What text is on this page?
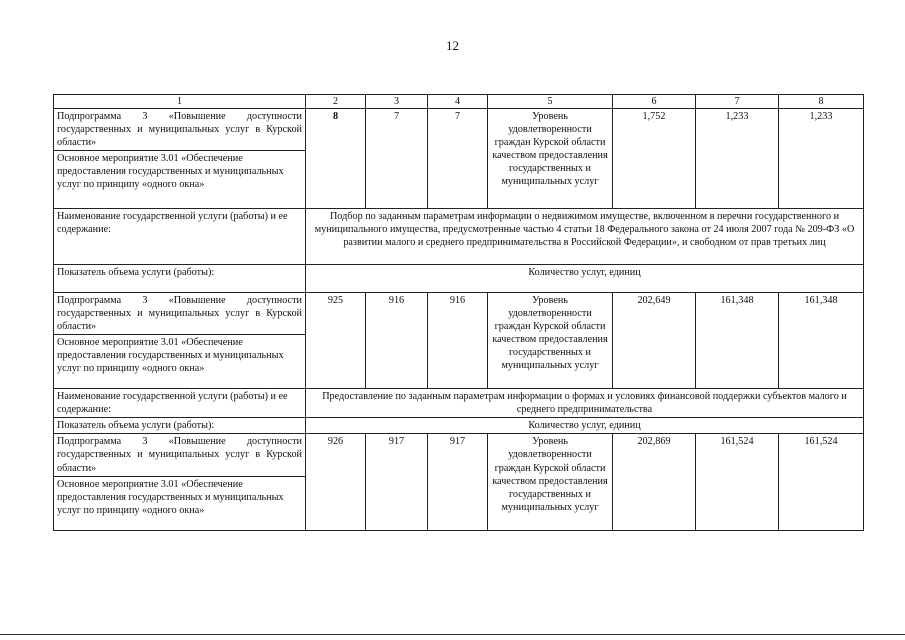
12
1	2	3	4	5	6	7	8
Подпрограмма 3 «Повышение доступности государственных и муниципальных услуг в Курской области»	8	7	7	Уровень удовлетворенности граждан Курской области качеством предоставления государственных и муниципальных услуг	1,752	1,233	1,233
Основное мероприятие 3.01 «Обеспечение предоставления государственных и муниципальных услуг по принципу «одного окна»							
Наименование государственной услуги (работы) и ее содержание:	Подбор по заданным параметрам информации о недвижимом имуществе, включенном в перечни государственного и муниципального имущества, предусмотренные частью 4 статьи 18 Федерального закона от 24 июля 2007 года № 209-ФЗ «О развитии малого и среднего предпринимательства в Российской Федерации», и свободном от прав третьих лиц						
Показатель объема услуги (работы):	Количество услуг, единиц						
Подпрограмма 3 «Повышение доступности государственных и муниципальных услуг в Курской области»	925	916	916	Уровень удовлетворенности граждан Курской области качеством предоставления государственных и муниципальных услуг	202,649	161,348	161,348
Основное мероприятие 3.01 «Обеспечение предоставления государственных и муниципальных услуг по принципу «одного окна»							
Наименование государственной услуги (работы) и ее содержание:	Предоставление по заданным параметрам информации о формах и условиях финансовой поддержки субъектов малого и среднего предпринимательства						
Показатель объема услуги (работы):	Количество услуг, единиц						
Подпрограмма 3 «Повышение доступности государственных и муниципальных услуг в Курской области»	926	917	917	Уровень удовлетворенности граждан Курской области качеством предоставления государственных и муниципальных услуг	202,869	161,524	161,524
Основное мероприятие 3.01 «Обеспечение предоставления государственных и муниципальных услуг по принципу «одного окна»							
